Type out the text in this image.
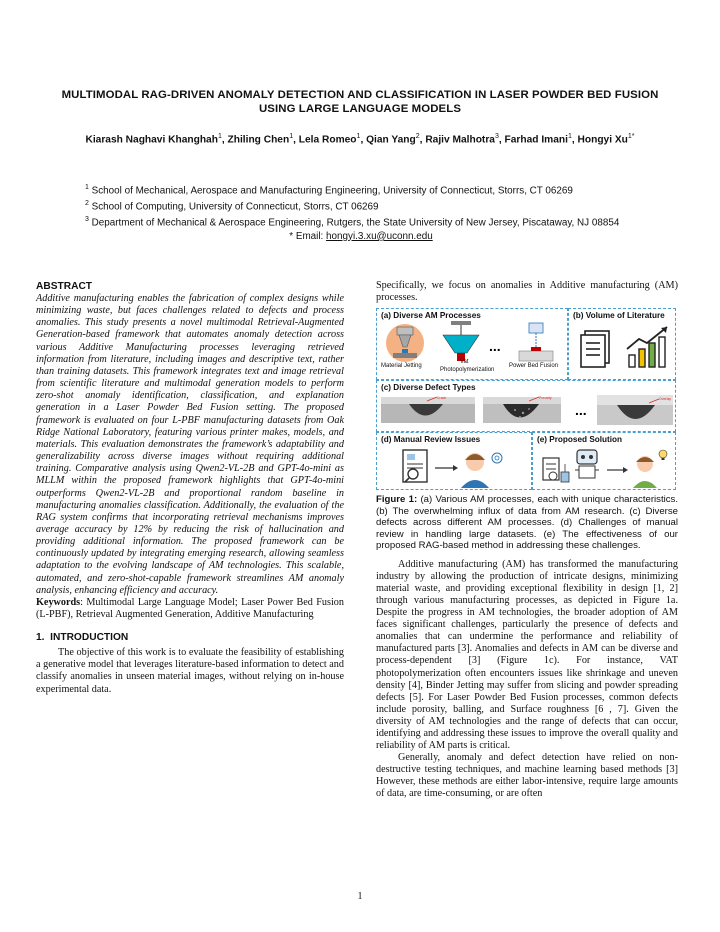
MULTIMODAL RAG-DRIVEN ANOMALY DETECTION AND CLASSIFICATION IN LASER POWDER BED FUSION USING LARGE LANGUAGE MODELS
Kiarash Naghavi Khanghah$^1$, Zhiling Chen$^1$, Lela Romeo$^1$, Qian Yang$^2$, Rajiv Malhotra$^3$, Farhad Imani$^1$, Hongyi $Xu^{1*}$
$^1$ School of Mechanical, Aerospace and Manufacturing Engineering, University of Connecticut, Storrs, CT 06269
$^2$ School of Computing, University of Connecticut, Storrs, CT 06269
$^3$ Department of Mechanical & Aerospace Engineering, Rutgers, the State University of New Jersey, Piscataway, NJ 08854
* Email: hongyi.3.xu@uconn.edu
ABSTRACT

Additive manufacturing enables the fabrication of complex designs while minimizing waste, but faces challenges related to defects and process anomalies. This study presents a novel multimodal Retrieval-Augmented Generation-based framework that automates anomaly detection across various Additive Manufacturing processes leveraging retrieved information from literature, including images and descriptive text, rather than training datasets. This framework integrates text and image retrieval from scientific literature and multimodal generation models to perform zero-shot anomaly identification, classification, and explanation generation in a Laser Powder Bed Fusion setting. The proposed framework is evaluated on four L-PBF manufacturing datasets from Oak Ridge National Laboratory, featuring various printer makes, models, and materials. This evaluation demonstrates the framework’s adaptability and generalizability across diverse images without requiring additional training. Comparative analysis using Qwen2-VL-2B and GPT-4o-mini as MLLM within the proposed framework highlights that GPT-4o-mini outperforms Qwen2-VL-2B and proportional random baseline in manufacturing anomalies classification. Additionally, the evaluation of the RAG system confirms that incorporating retrieval mechanisms improves average accuracy by 12% by reducing the risk of hallucination and providing additional information. The proposed framework can be continuously updated by integrating emerging research, allowing seamless adaptation to the evolving landscape of AM technologies. This scalable, automated, and zero-shot-capable framework streamlines AM anomaly analysis, enhancing efficiency and accuracy.

Keywords: Multimodal Large Language Model; Laser Power Bed Fusion (L-PBF), Retrieval Augmented Generation, Additive Manufacturing

1.  INTRODUCTION

The objective of this work is to evaluate the feasibility of establishing a generative model that leverages literature-based information to detect and classify anomalies in unseen material images, without relying on in-house experimental data.

Specifically, we focus on anomalies in Additive manufacturing (AM) processes.

(a) Diverse AM Processes
...
Material Jetting
Vat
Photopolymerization
Power Bed Fusion
(b) Volume of Literature
(c) Diverse Defect Types
Crack	Porosity
...
Overlap
(d) Manual Review Issues	(e) Proposed Solution

Figure 1: (a) Various AM processes, each with unique characteristics. (b) The overwhelming influx of data from AM research. (c) Diverse defects across different AM processes. (d) Challenges of manual review in handling large datasets. (e) The effectiveness of our proposed RAG-based method in addressing these challenges.

Additive manufacturing (AM) has transformed the manufacturing industry by allowing the production of intricate designs, minimizing material waste, and providing exceptional flexibility in design [1, 2] through various manufacturing processes, as depicted in Figure 1a. Despite the progress in AM technologies, the broader adoption of AM faces significant challenges, particularly the presence of defects and anomalies that can undermine the performance and reliability of manufactured parts [3]. Anomalies and defects in AM can be diverse and process-dependent [3] (Figure 1c). For instance, VAT photopolymerization often encounters issues like shrinkage and uneven density [4], Binder Jetting may suffer from slicing and powder spreading defects [5]. For Laser Powder Bed Fusion processes, common defects include porosity, balling, and Surface roughness [6 , 7]. Given the diversity of AM technologies and the range of defects that can occur, identifying and addressing these issues to improve the overall quality and reliability of AM parts is critical.

Generally, anomaly and defect detection have relied on non-destructive testing techniques, and machine learning based methods [3] However, these methods are either labor-intensive, require large amounts of data, are time-consuming, or are often

1
